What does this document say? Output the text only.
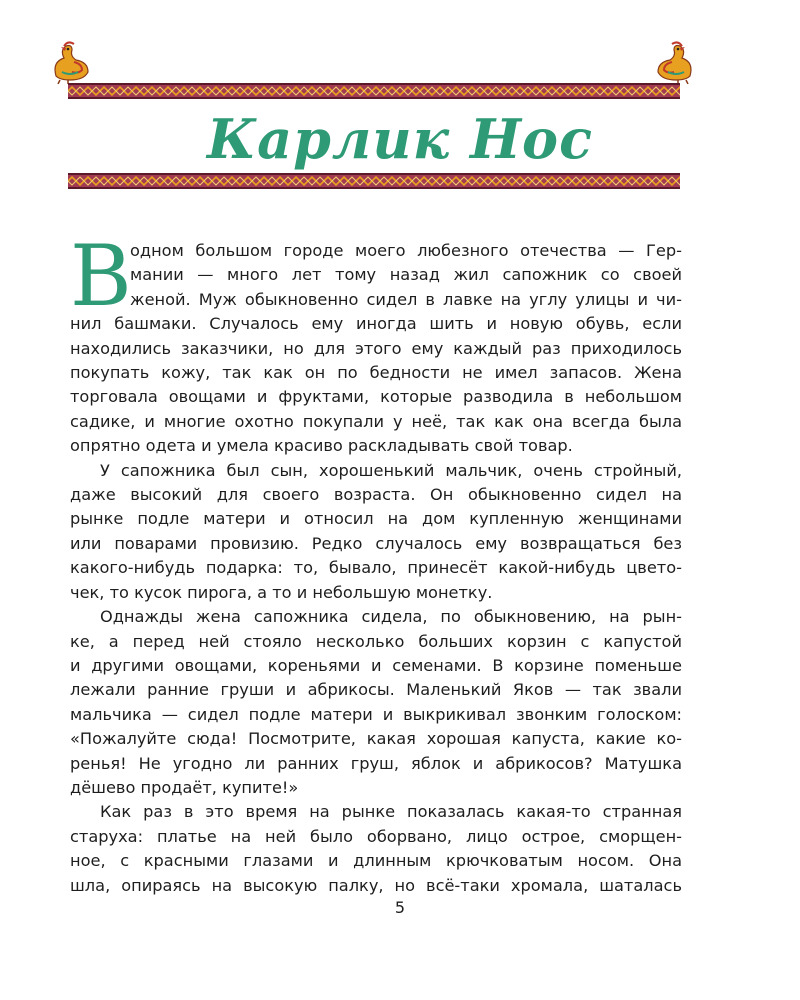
Карлик Нос
В
одном большом городе моего любезного отечества — Гер-
мании — много лет тому назад жил сапожник со своей
женой. Муж обыкновенно сидел в лавке на углу улицы и чи-
нил башмаки. Случалось ему иногда шить и новую обувь, если
находились заказчики, но для этого ему каждый раз приходилось
покупать кожу, так как он по бедности не имел запасов. Жена
торговала овощами и фруктами, которые разводила в небольшом
садике, и многие охотно покупали у неё, так как она всегда была
опрятно одета и умела красиво раскладывать свой товар.
У сапожника был сын, хорошенький мальчик, очень стройный,
даже высокий для своего возраста. Он обыкновенно сидел на
рынке подле матери и относил на дом купленную женщинами
или поварами провизию. Редко случалось ему возвращаться без
какого-нибудь подарка: то, бывало, принесёт какой-нибудь цвето-
чек, то кусок пирога, а то и небольшую монетку.
Однажды жена сапожника сидела, по обыкновению, на рын-
ке, а перед ней стояло несколько больших корзин с капустой
и другими овощами, кореньями и семенами. В корзине поменьше
лежали ранние груши и абрикосы. Маленький Яков — так звали
мальчика — сидел подле матери и выкрикивал звонким голоском:
«Пожалуйте сюда! Посмотрите, какая хорошая капуста, какие ко-
ренья! Не угодно ли ранних груш, яблок и абрикосов? Матушка
дёшево продаёт, купите!»
Как раз в это время на рынке показалась какая-то странная
старуха: платье на ней было оборвано, лицо острое, сморщен-
ное, с красными глазами и длинным крючковатым носом. Она
шла, опираясь на высокую палку, но всё-таки хромала, шаталась
5
